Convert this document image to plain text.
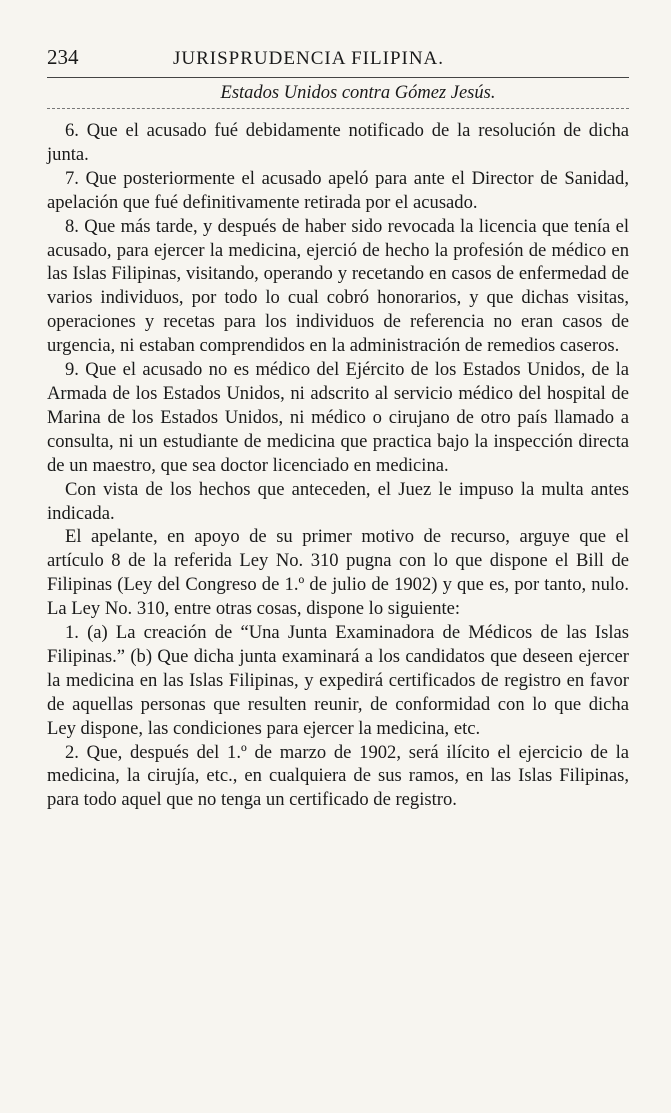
234	JURISPRUDENCIA FILIPINA.
Estados Unidos contra Gómez Jesús.

6. Que el acusado fué debidamente notificado de la resolución de dicha junta.

7. Que posteriormente el acusado apeló para ante el Director de Sanidad, apelación que fué definitivamente retirada por el acusado.

8. Que más tarde, y después de haber sido revocada la licencia que tenía el acusado, para ejercer la medicina, ejerció de hecho la profesión de médico en las Islas Filipinas, visitando, operando y recetando en casos de enfermedad de varios individuos, por todo lo cual cobró honorarios, y que dichas visitas, operaciones y recetas para los individuos de referencia no eran casos de urgencia, ni estaban comprendidos en la administración de remedios caseros.

9. Que el acusado no es médico del Ejército de los Estados Unidos, de la Armada de los Estados Unidos, ni adscrito al servicio médico del hospital de Marina de los Estados Unidos, ni médico o cirujano de otro país llamado a consulta, ni un estudiante de medicina que practica bajo la inspección directa de un maestro, que sea doctor licenciado en medicina.

Con vista de los hechos que anteceden, el Juez le impuso la multa antes indicada.

El apelante, en apoyo de su primer motivo de recurso, arguye que el artículo 8 de la referida Ley No. 310 pugna con lo que dispone el Bill de Filipinas (Ley del Congreso de 1.º de julio de 1902) y que es, por tanto, nulo. La Ley No. 310, entre otras cosas, dispone lo siguiente:

1. (a) La creación de “Una Junta Examinadora de Médicos de las Islas Filipinas.” (b) Que dicha junta examinará a los candidatos que deseen ejercer la medicina en las Islas Filipinas, y expedirá certificados de registro en favor de aquellas personas que resulten reunir, de conformidad con lo que dicha Ley dispone, las condiciones para ejercer la medicina, etc.

2. Que, después del 1.º de marzo de 1902, será ilícito el ejercicio de la medicina, la cirujía, etc., en cualquiera de sus ramos, en las Islas Filipinas, para todo aquel que no tenga un certificado de registro.
